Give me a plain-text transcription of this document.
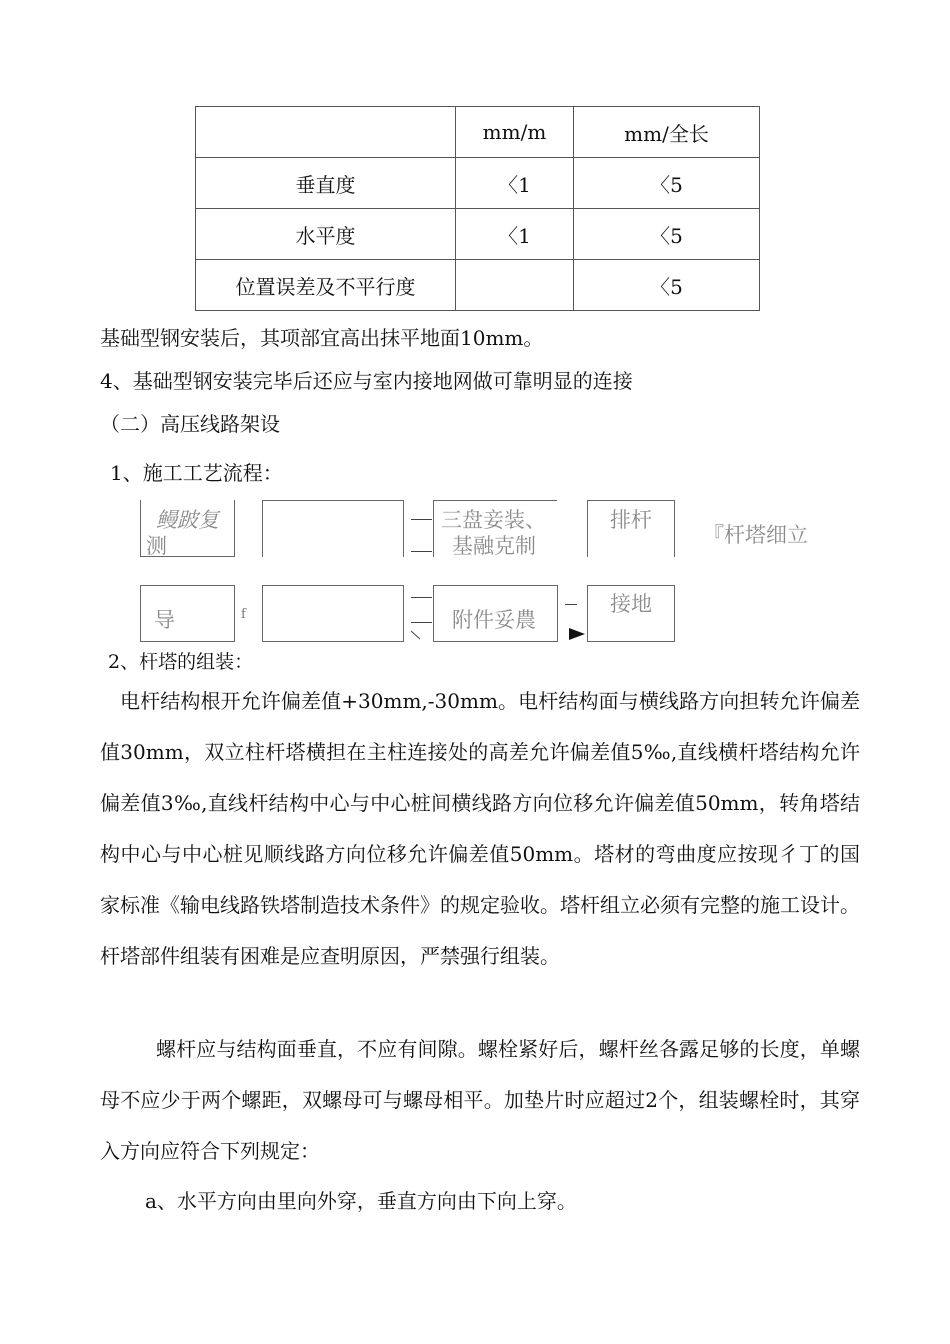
	mm/m	mm/全长
垂直度	〈1	〈5
水平度	〈1	〈5
位置误差及不平行度		〈5
基础型钢安装后，其项部宜高出抹平地面10mm。
4、基础型钢安装完毕后还应与室内接地网做可靠明显的连接
（二）高压线路架设
1、施工工艺流程：
鳗跛复
测
三盘妾装、
基融克制
排杆
『杆塔细立
导	f	附件妥農
接地
2、杆塔的组装：
电杆结构根开允许偏差值+30mm,-30mm。电杆结构面与横线路方向担转允许偏差值30mm，双立柱杆塔横担在主柱连接处的高差允许偏差值5‰,直线横杆塔结构允许偏差值3‰,直线杆结构中心与中心桩间横线路方向位移允许偏差值50mm，转角塔结构中心与中心桩见顺线路方向位移允许偏差值50mm。塔材的弯曲度应按现彳丁的国家标准《输电线路铁塔制造技术条件》的规定验收。塔杆组立必须有完整的施工设计。杆塔部件组装有困难是应查明原因，严禁强行组装。
螺杆应与结构面垂直，不应有间隙。螺栓紧好后，螺杆丝各露足够的长度，单螺母不应少于两个螺距，双螺母可与螺母相平。加垫片时应超过2个，组装螺栓时，其穿入方向应符合下列规定：
a、水平方向由里向外穿，垂直方向由下向上穿。
